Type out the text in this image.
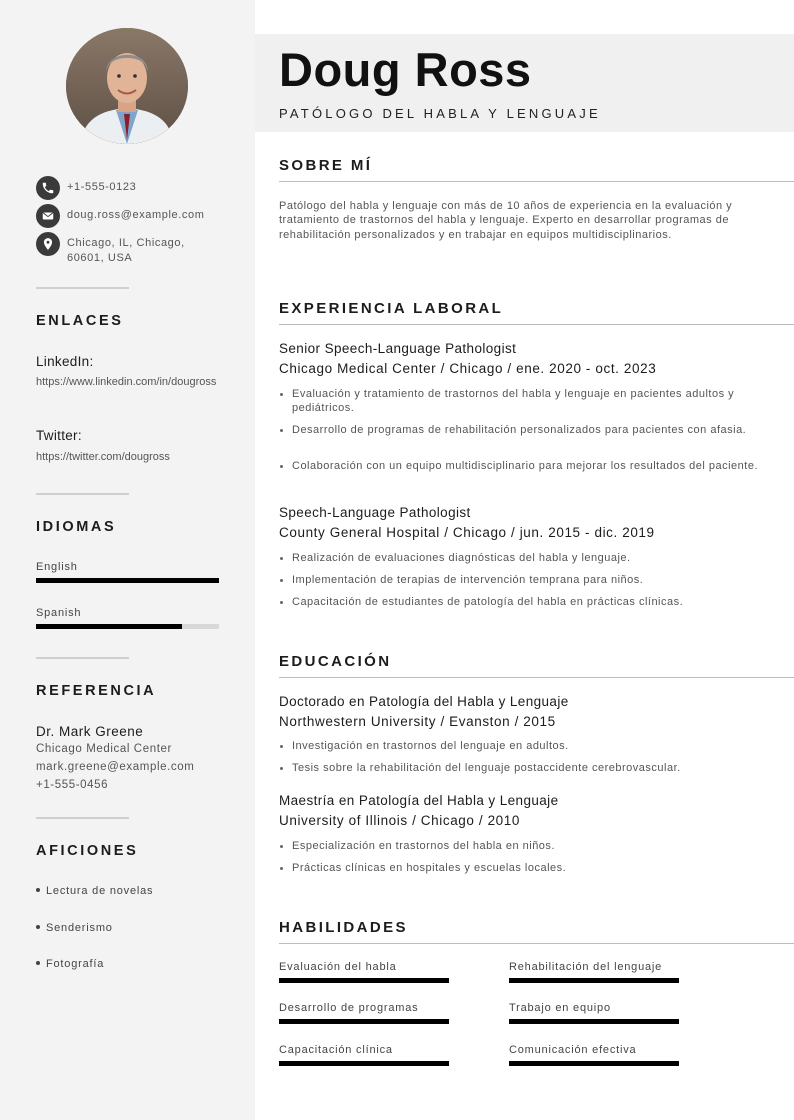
+1-555-0123
doug.ross@example.com
Chicago, IL, Chicago, 60601, USA
ENLACES
LinkedIn:
https://www.linkedin.com/in/dougross
Twitter:
https://twitter.com/dougross
IDIOMAS
English
Spanish
REFERENCIA
Dr. Mark Greene
Chicago Medical Center
mark.greene@example.com
+1-555-0456
AFICIONES
Lectura de novelas
Senderismo
Fotografía
Doug Ross
PATÓLOGO DEL HABLA Y LENGUAJE
SOBRE MÍ
Patólogo del habla y lenguaje con más de 10 años de experiencia en la evaluación y tratamiento de trastornos del habla y lenguaje. Experto en desarrollar programas de rehabilitación personalizados y en trabajar en equipos multidisciplinarios.
EXPERIENCIA LABORAL
Senior Speech-Language Pathologist
Chicago Medical Center / Chicago / ene. 2020 - oct. 2023
Evaluación y tratamiento de trastornos del habla y lenguaje en pacientes adultos y pediátricos.
Desarrollo de programas de rehabilitación personalizados para pacientes con afasia.
Colaboración con un equipo multidisciplinario para mejorar los resultados del paciente.
Speech-Language Pathologist
County General Hospital / Chicago / jun. 2015 - dic. 2019
Realización de evaluaciones diagnósticas del habla y lenguaje.
Implementación de terapias de intervención temprana para niños.
Capacitación de estudiantes de patología del habla en prácticas clínicas.
EDUCACIÓN
Doctorado en Patología del Habla y Lenguaje
Northwestern University / Evanston / 2015
Investigación en trastornos del lenguaje en adultos.
Tesis sobre la rehabilitación del lenguaje postaccidente cerebrovascular.
Maestría en Patología del Habla y Lenguaje
University of Illinois / Chicago / 2010
Especialización en trastornos del habla en niños.
Prácticas clínicas en hospitales y escuelas locales.
HABILIDADES
Evaluación del habla	Rehabilitación del lenguaje
Desarrollo de programas	Trabajo en equipo
Capacitación clínica	Comunicación efectiva
